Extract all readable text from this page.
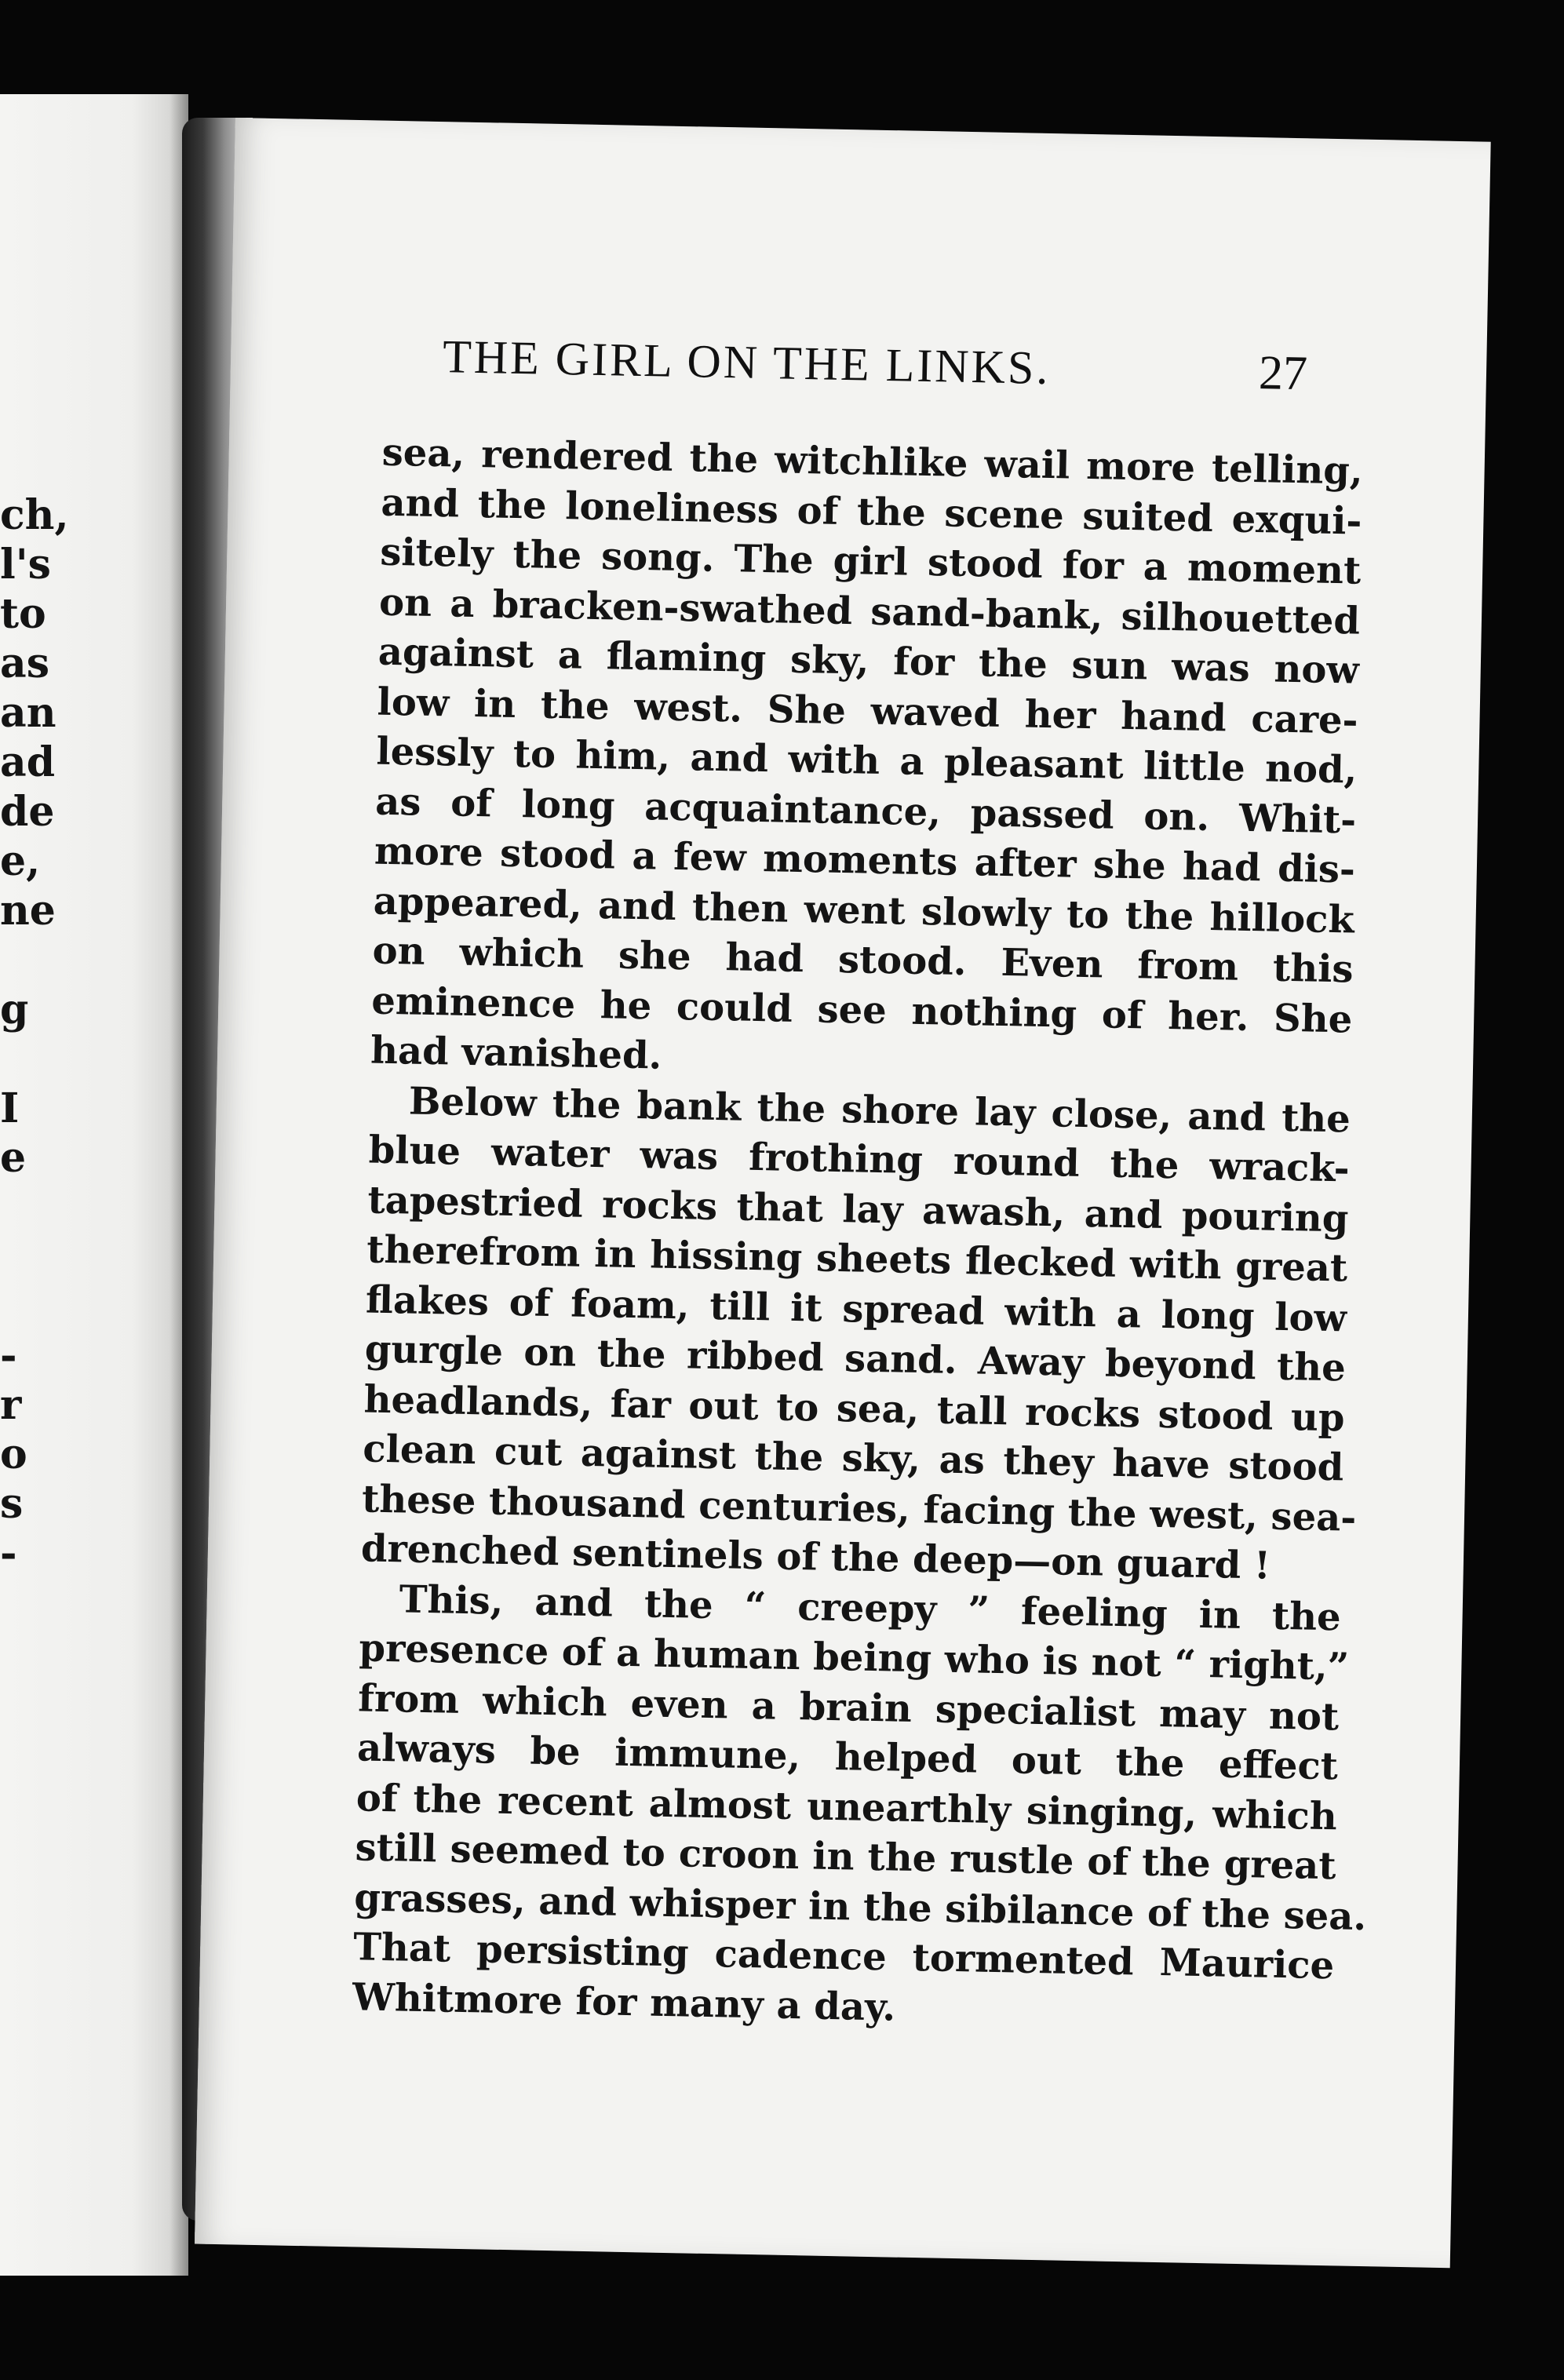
ch,
l's
to
as
an
ad
de
e,
ne
g
I
e
-
r
o
s
-
THE GIRL ON THE LINKS.	27
sea, rendered the witchlike wail more telling,
and the loneliness of the scene suited exqui-
sitely the song. The girl stood for a moment
on a bracken-swathed sand-bank, silhouetted
against a flaming sky, for the sun was now
low in the west. She waved her hand care-
lessly to him, and with a pleasant little nod,
as of long acquaintance, passed on. Whit-
more stood a few moments after she had dis-
appeared, and then went slowly to the hillock
on which she had stood. Even from this
eminence he could see nothing of her. She
had vanished.
Below the bank the shore lay close, and the
blue water was frothing round the wrack-
tapestried rocks that lay awash, and pouring
therefrom in hissing sheets flecked with great
flakes of foam, till it spread with a long low
gurgle on the ribbed sand. Away beyond the
headlands, far out to sea, tall rocks stood up
clean cut against the sky, as they have stood
these thousand centuries, facing the west, sea-
drenched sentinels of the deep—on guard !
This, and the “ creepy ” feeling in the
presence of a human being who is not “ right,”
from which even a brain specialist may not
always be immune, helped out the effect
of the recent almost unearthly singing, which
still seemed to croon in the rustle of the great
grasses, and whisper in the sibilance of the sea.
That persisting cadence tormented Maurice
Whitmore for many a day.
